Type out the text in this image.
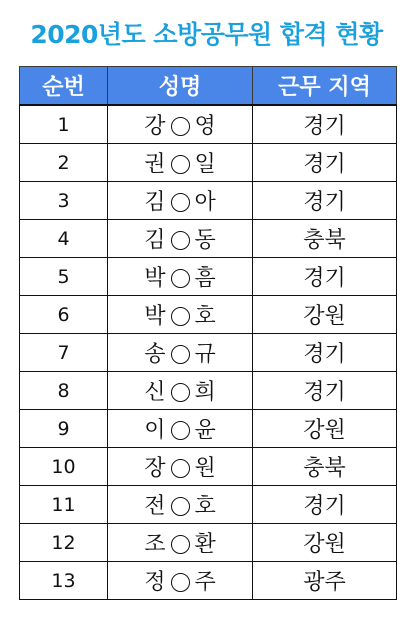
2020년도 소방공무원 합격 현황
순번	성명	근무 지역
1	강 영	경기
2	권 일	경기
3	김 아	경기
4	김 동	충북
5	박 흠	경기
6	박 호	강원
7	송 규	경기
8	신 희	경기
9	이 윤	강원
10	장 원	충북
11	전 호	경기
12	조 환	강원
13	정 주	광주
